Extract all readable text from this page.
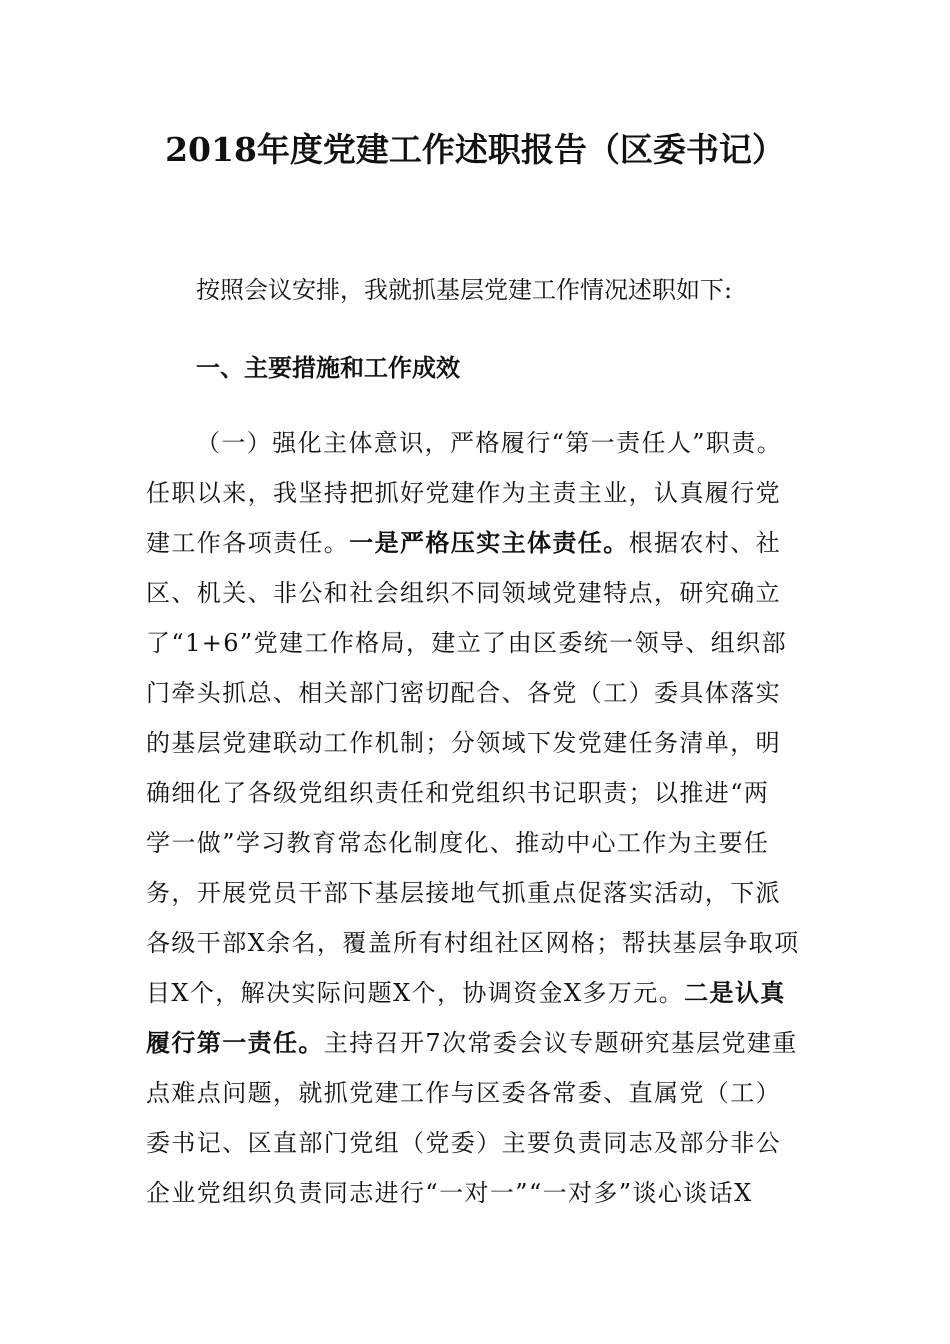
2018年度党建工作述职报告（区委书记）
按照会议安排，我就抓基层党建工作情况述职如下:
一、主要措施和工作成效
（一）强化主体意识，严格履行“第一责任人”职责。
任职以来，我坚持把抓好党建作为主责主业，认真履行党
建工作各项责任。一是严格压实主体责任。根据农村、社
区、机关、非公和社会组织不同领域党建特点，研究确立
了“1+6”党建工作格局，建立了由区委统一领导、组织部
门牵头抓总、相关部门密切配合、各党（工）委具体落实
的基层党建联动工作机制；分领域下发党建任务清单，明
确细化了各级党组织责任和党组织书记职责；以推进“两
学一做”学习教育常态化制度化、推动中心工作为主要任
务，开展党员干部下基层接地气抓重点促落实活动，下派
各级干部X余名，覆盖所有村组社区网格；帮扶基层争取项
目X个，解决实际问题X个，协调资金X多万元。二是认真
履行第一责任。主持召开7次常委会议专题研究基层党建重
点难点问题，就抓党建工作与区委各常委、直属党（工）
委书记、区直部门党组（党委）主要负责同志及部分非公
企业党组织负责同志进行“一对一”“一对多”谈心谈话X
